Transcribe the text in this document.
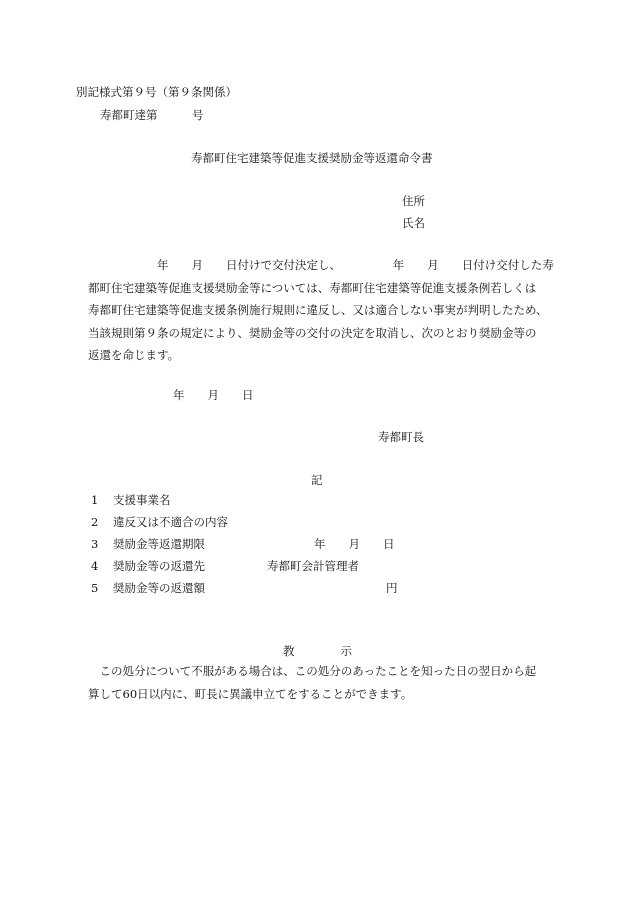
別記様式第９号（第９条関係）
寿都町達第　　　号
寿都町住宅建築等促進支援奨励金等返還命令書
住所
氏名
　　　　　　年　　月　　日付けで交付決定し、　　　　　年　　月　　日付け交付した寿
都町住宅建築等促進支援奨励金等については、寿都町住宅建築等促進支援条例若しくは
寿都町住宅建築等促進支援条例施行規則に違反し、又は適合しない事実が判明したため、
当該規則第９条の規定により、奨励金等の交付の決定を取消し、次のとおり奨励金等の
返還を命じます。
年　　月　　日
寿都町長
記
1 支援事業名
2 違反又は不適合の内容
3 奨励金等返還期限	年　　月　　日
4 奨励金等の返還先	寿都町会計管理者
5 奨励金等の返還額	円
教　　　　示
　この処分について不服がある場合は、この処分のあったことを知った日の翌日から起
算して60日以内に、町長に異議申立てをすることができます。
